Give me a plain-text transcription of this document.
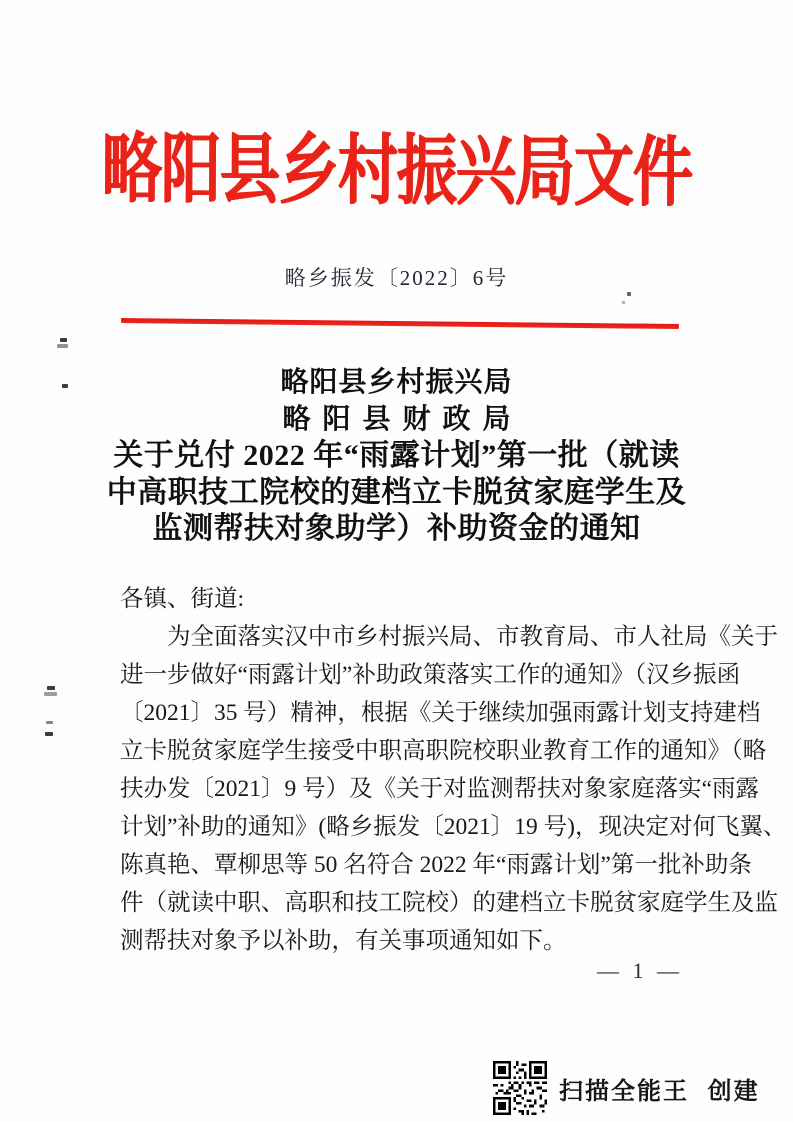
略阳县乡村振兴局文件
略乡振发〔2022〕6号
略阳县乡村振兴局
略阳县财政局
关于兑付 2022 年“雨露计划”第一批（就读
中高职技工院校的建档立卡脱贫家庭学生及
监测帮扶对象助学）补助资金的通知
各镇、街道:
为全面落实汉中市乡村振兴局、市教育局、市人社局《关于
进一步做好“雨露计划”补助政策落实工作的通知》（汉乡振函
〔2021〕35 号）精神，根据《关于继续加强雨露计划支持建档
立卡脱贫家庭学生接受中职高职院校职业教育工作的通知》（略
扶办发〔2021〕9 号）及《关于对监测帮扶对象家庭落实“雨露
计划”补助的通知》(略乡振发〔2021〕19 号)，现决定对何飞翼、
陈真艳、覃柳思等 50 名符合 2022 年“雨露计划”第一批补助条
件（就读中职、高职和技工院校）的建档立卡脱贫家庭学生及监
测帮扶对象予以补助，有关事项通知如下。
— 1 —
扫描全能王 创建
